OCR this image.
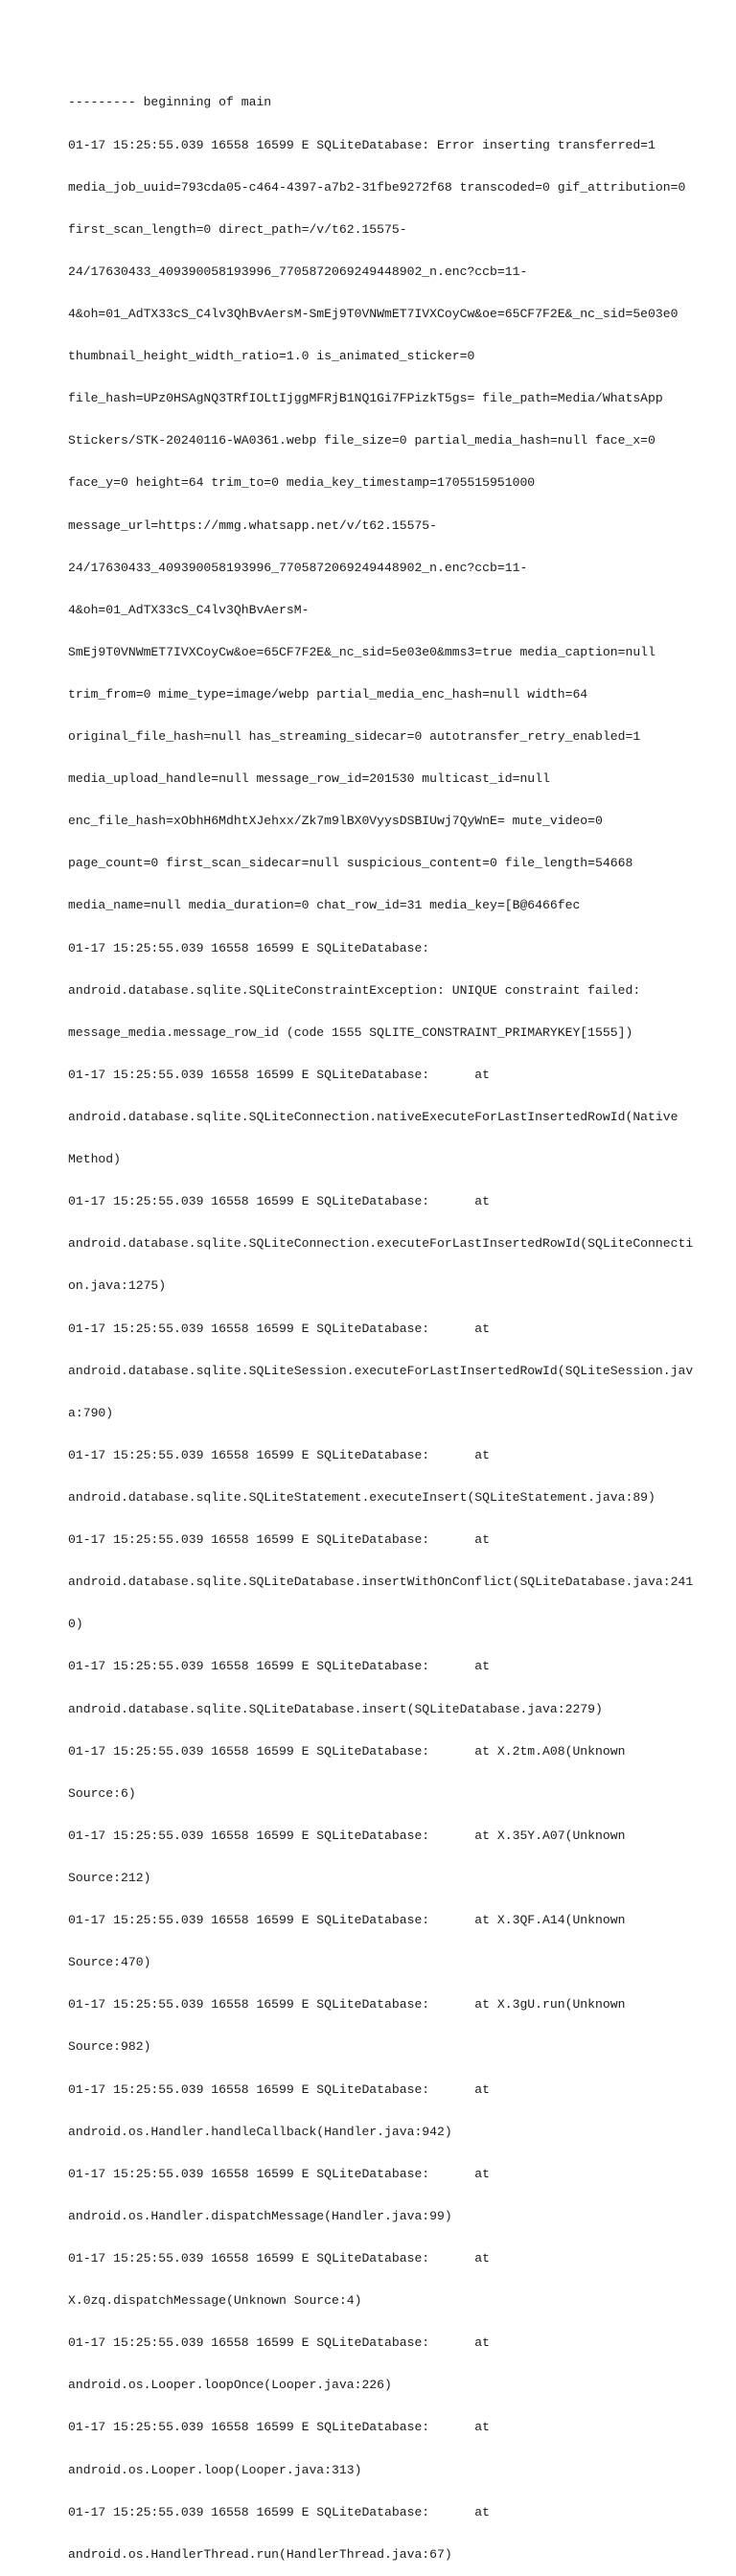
--------- beginning of main

01-17 15:25:55.039 16558 16599 E SQLiteDatabase: Error inserting transferred=1

media_job_uuid=793cda05-c464-4397-a7b2-31fbe9272f68 transcoded=0 gif_attribution=0

first_scan_length=0 direct_path=/v/t62.15575-

24/17630433_409390058193996_7705872069249448902_n.enc?ccb=11-

4&oh=01_AdTX33cS_C4lv3QhBvAersM-SmEj9T0VNWmET7IVXCoyCw&oe=65CF7F2E&_nc_sid=5e03e0

thumbnail_height_width_ratio=1.0 is_animated_sticker=0

file_hash=UPz0HSAgNQ3TRfIOLtIjggMFRjB1NQ1Gi7FPizkT5gs= file_path=Media/WhatsApp

Stickers/STK-20240116-WA0361.webp file_size=0 partial_media_hash=null face_x=0

face_y=0 height=64 trim_to=0 media_key_timestamp=1705515951000

message_url=https://mmg.whatsapp.net/v/t62.15575-

24/17630433_409390058193996_7705872069249448902_n.enc?ccb=11-

4&oh=01_AdTX33cS_C4lv3QhBvAersM-

SmEj9T0VNWmET7IVXCoyCw&oe=65CF7F2E&_nc_sid=5e03e0&mms3=true media_caption=null

trim_from=0 mime_type=image/webp partial_media_enc_hash=null width=64

original_file_hash=null has_streaming_sidecar=0 autotransfer_retry_enabled=1

media_upload_handle=null message_row_id=201530 multicast_id=null

enc_file_hash=xObhH6MdhtXJehxx/Zk7m9lBX0VyysDSBIUwj7QyWnE= mute_video=0

page_count=0 first_scan_sidecar=null suspicious_content=0 file_length=54668

media_name=null media_duration=0 chat_row_id=31 media_key=[B@6466fec

01-17 15:25:55.039 16558 16599 E SQLiteDatabase:

android.database.sqlite.SQLiteConstraintException: UNIQUE constraint failed:

message_media.message_row_id (code 1555 SQLITE_CONSTRAINT_PRIMARYKEY[1555])

01-17 15:25:55.039 16558 16599 E SQLiteDatabase:      at

android.database.sqlite.SQLiteConnection.nativeExecuteForLastInsertedRowId(Native

Method)

01-17 15:25:55.039 16558 16599 E SQLiteDatabase:      at

android.database.sqlite.SQLiteConnection.executeForLastInsertedRowId(SQLiteConnecti

on.java:1275)

01-17 15:25:55.039 16558 16599 E SQLiteDatabase:      at

android.database.sqlite.SQLiteSession.executeForLastInsertedRowId(SQLiteSession.jav

a:790)

01-17 15:25:55.039 16558 16599 E SQLiteDatabase:      at

android.database.sqlite.SQLiteStatement.executeInsert(SQLiteStatement.java:89)

01-17 15:25:55.039 16558 16599 E SQLiteDatabase:      at

android.database.sqlite.SQLiteDatabase.insertWithOnConflict(SQLiteDatabase.java:241

0)

01-17 15:25:55.039 16558 16599 E SQLiteDatabase:      at

android.database.sqlite.SQLiteDatabase.insert(SQLiteDatabase.java:2279)

01-17 15:25:55.039 16558 16599 E SQLiteDatabase:      at X.2tm.A08(Unknown

Source:6)

01-17 15:25:55.039 16558 16599 E SQLiteDatabase:      at X.35Y.A07(Unknown

Source:212)

01-17 15:25:55.039 16558 16599 E SQLiteDatabase:      at X.3QF.A14(Unknown

Source:470)

01-17 15:25:55.039 16558 16599 E SQLiteDatabase:      at X.3gU.run(Unknown

Source:982)

01-17 15:25:55.039 16558 16599 E SQLiteDatabase:      at

android.os.Handler.handleCallback(Handler.java:942)

01-17 15:25:55.039 16558 16599 E SQLiteDatabase:      at

android.os.Handler.dispatchMessage(Handler.java:99)

01-17 15:25:55.039 16558 16599 E SQLiteDatabase:      at

X.0zq.dispatchMessage(Unknown Source:4)

01-17 15:25:55.039 16558 16599 E SQLiteDatabase:      at

android.os.Looper.loopOnce(Looper.java:226)

01-17 15:25:55.039 16558 16599 E SQLiteDatabase:      at

android.os.Looper.loop(Looper.java:313)

01-17 15:25:55.039 16558 16599 E SQLiteDatabase:      at

android.os.HandlerThread.run(HandlerThread.java:67)
